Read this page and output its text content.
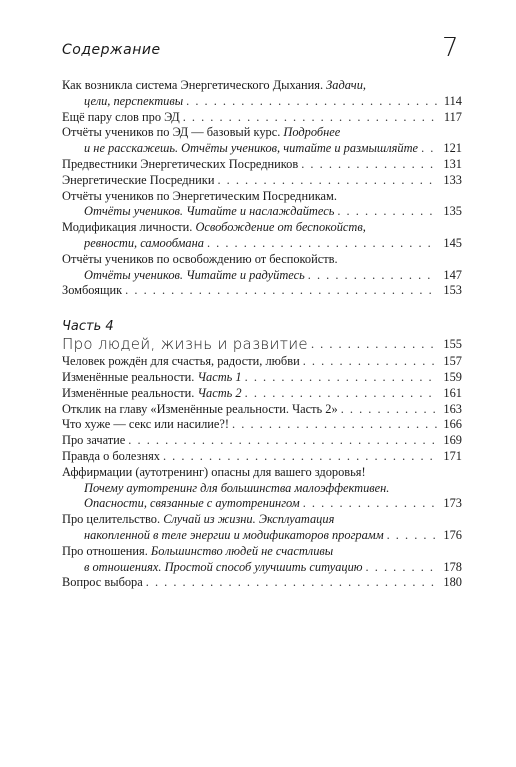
Содержание	7
Как возникла система Энергетического Дыхания. Задачи,
цели, перспективы . . .	114
Ещё пару слов про ЭД . . .	117
Отчёты учеников по ЭД — базовый курс. Подробнее
и не расскажешь. Отчёты учеников, читайте и размышляйте . . . 121
Предвестники Энергетических Посредников . . .	131
Энергетические Посредники . . .	133
Отчёты учеников по Энергетическим Посредникам.
Отчёты учеников. Читайте и наслаждайтесь . . .	135
Модификация личности. Освобождение от беспокойств,
ревности, самообмана . . .	145
Отчёты учеников по освобождению от беспокойств.
Отчёты учеников. Читайте и радуйтесь . . .	147
Зомбоящик . . .	153
Часть 4
Про людей, жизнь и развитие . . .	155
Человек рождён для счастья, радости, любви . . .	157
Изменённые реальности. Часть 1 . . .	159
Изменённые реальности. Часть 2 . . .	161
Отклик на главу «Изменённые реальности. Часть 2» . . .	163
Что хуже — секс или насилие?! . . .	166
Про зачатие . . .	169
Правда о болезнях . . .	171
Аффирмации (аутотренинг) опасны для вашего здоровья!
Почему аутотренинг для большинства малоэффективен.
Опасности, связанные с аутотренингом . . .	173
Про целительство. Случай из жизни. Эксплуатация
накопленной в теле энергии и модификаторов программ . . .	176
Про отношения. Большинство людей не счастливы
в отношениях. Простой способ улучшить ситуацию . . .	178
Вопрос выбора . . .	180
